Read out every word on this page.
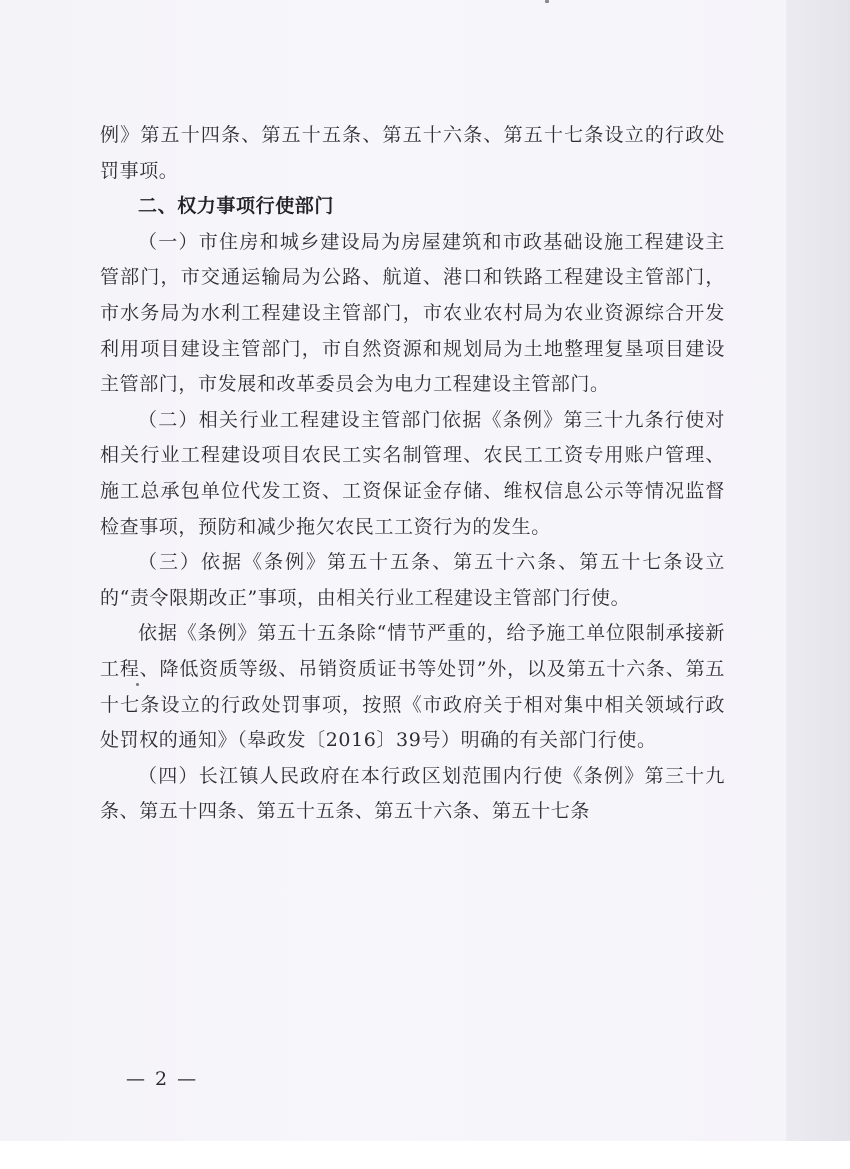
例》第五十四条、第五十五条、第五十六条、第五十七条设立的行政处罚事项。

二、权力事项行使部门

（一）市住房和城乡建设局为房屋建筑和市政基础设施工程建设主管部门，市交通运输局为公路、航道、港口和铁路工程建设主管部门，市水务局为水利工程建设主管部门，市农业农村局为农业资源综合开发利用项目建设主管部门，市自然资源和规划局为土地整理复垦项目建设主管部门，市发展和改革委员会为电力工程建设主管部门。

（二）相关行业工程建设主管部门依据《条例》第三十九条行使对相关行业工程建设项目农民工实名制管理、农民工工资专用账户管理、施工总承包单位代发工资、工资保证金存储、维权信息公示等情况监督检查事项，预防和减少拖欠农民工工资行为的发生。

（三）依据《条例》第五十五条、第五十六条、第五十七条设立的“责令限期改正”事项，由相关行业工程建设主管部门行使。

依据《条例》第五十五条除“情节严重的，给予施工单位限制承接新工程、降低资质等级、吊销资质证书等处罚”外，以及第五十六条、第五十七条设立的行政处罚事项，按照《市政府关于相对集中相关领域行政处罚权的通知》（皋政发〔2016〕39号）明确的有关部门行使。

（四）长江镇人民政府在本行政区划范围内行使《条例》第三十九条、第五十四条、第五十五条、第五十六条、第五十七条

— 2 —
